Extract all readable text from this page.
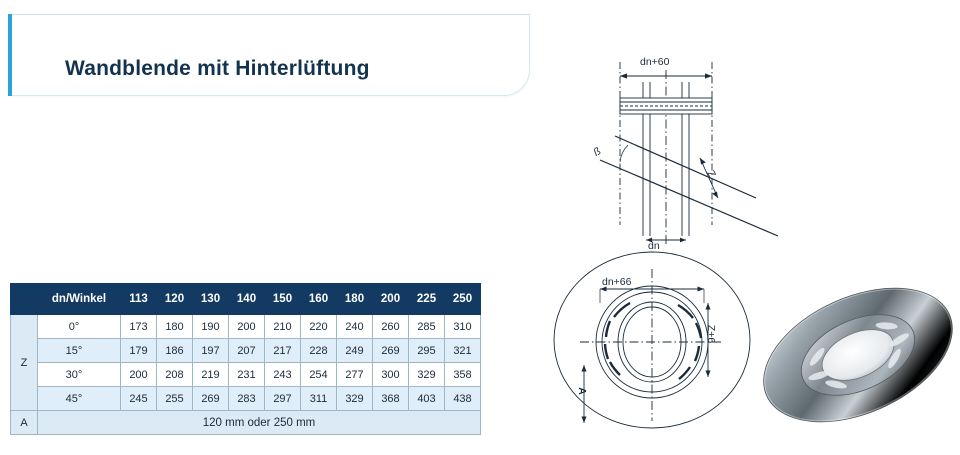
Wandblende mit Hinterlüftung
	dn/Winkel	113	120	130	140	150	160	180	200	225	250
Z	0°	173	180	190	200	210	220	240	260	285	310
	15°	179	186	197	207	217	228	249	269	295	321
	30°	200	208	219	231	243	254	277	300	329	358
	45°	245	255	269	283	297	311	329	368	403	438
A	120 mm oder 250 mm										
dn+60
dn
ß
Z
dn+66
Z+6
A
